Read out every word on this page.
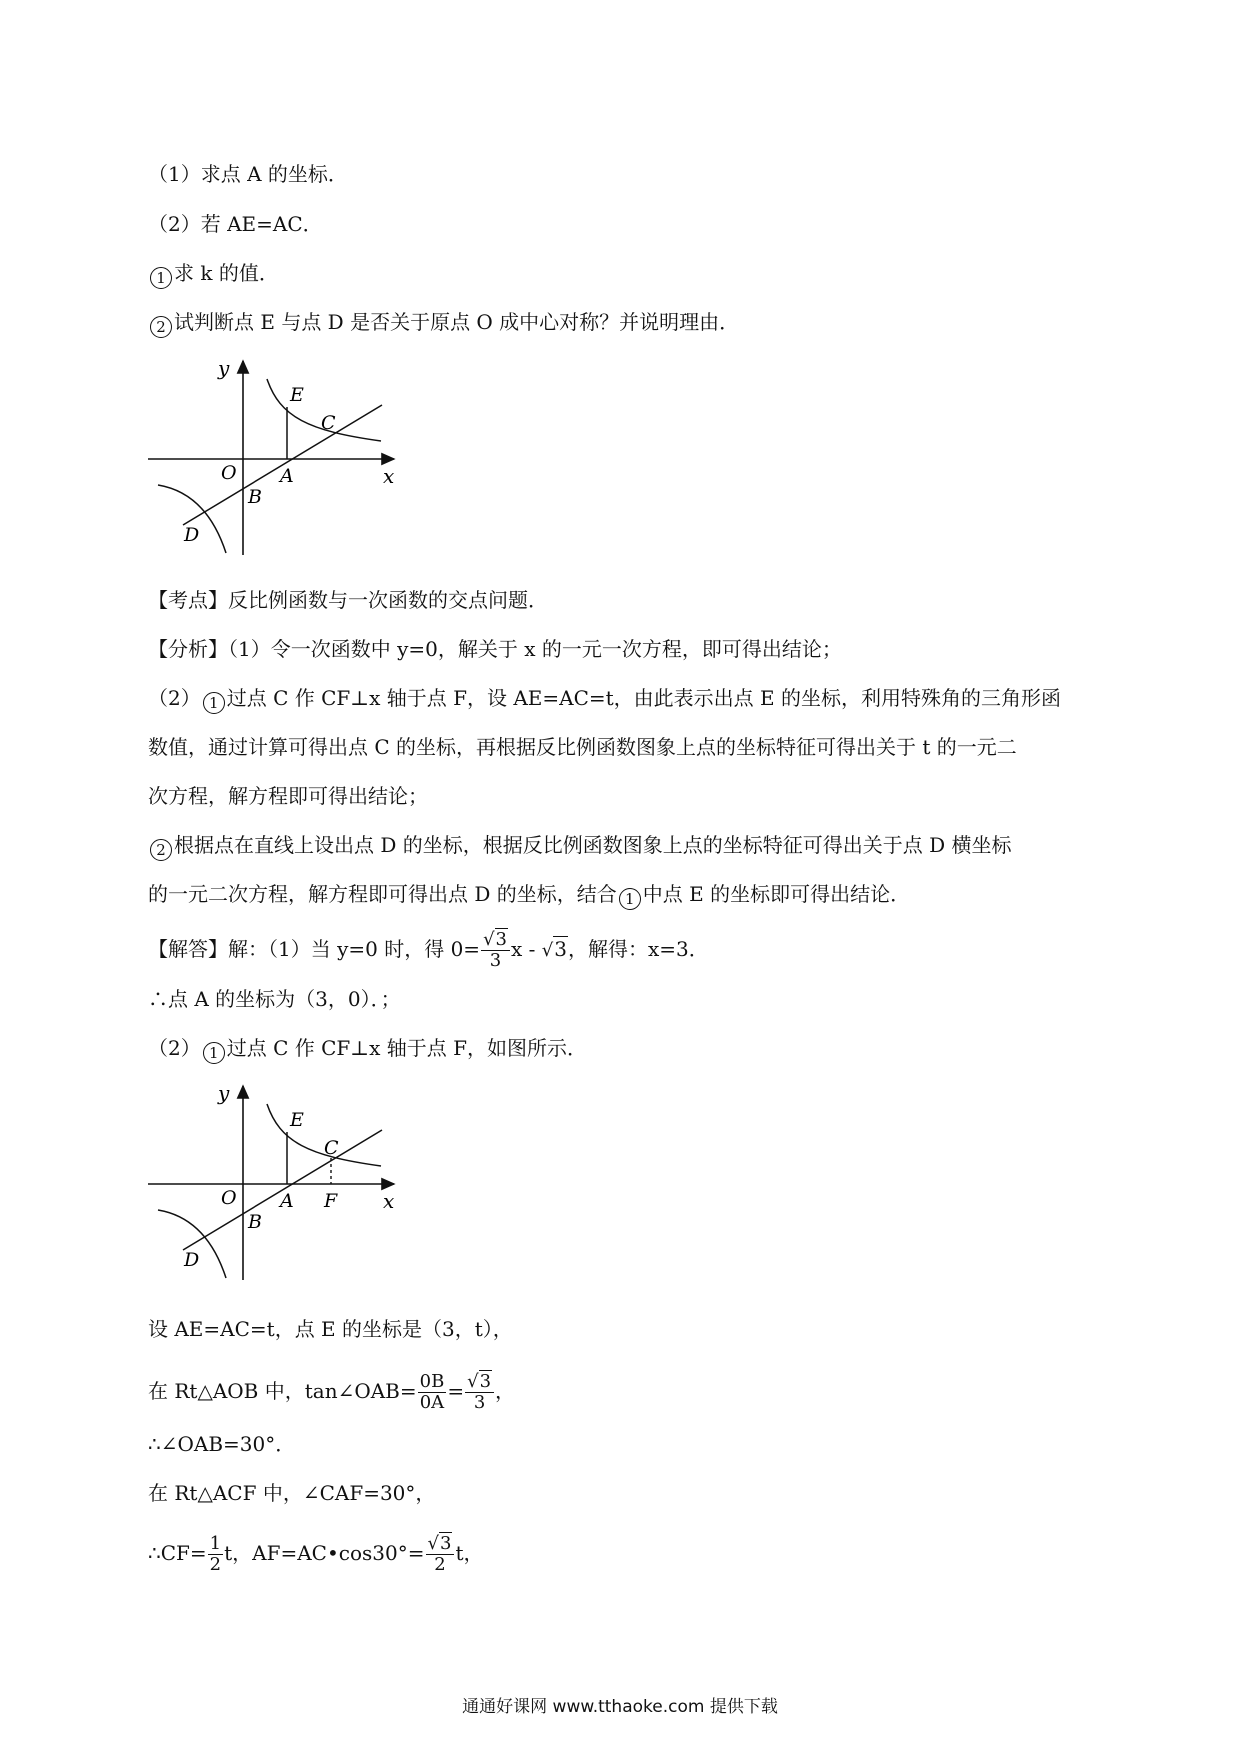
（1）求点 A 的坐标．
（2）若 AE=AC．
1 求 k 的值．
2 试判断点 E 与点 D 是否关于原点 O 成中心对称？并说明理由．
y
x
O A
B
C
D
E
【考点】反比例函数与一次函数的交点问题．
【分析】（1）令一次函数中 y=0，解关于 x 的一元一次方程，即可得出结论；
（2） 1 过点 C 作 CF⊥x 轴于点 F，设 AE=AC=t，由此表示出点 E 的坐标，利用特殊角的三角形函
数值，通过计算可得出点 C 的坐标，再根据反比例函数图象上点的坐标特征可得出关于 t 的一元二
次方程，解方程即可得出结论；
2 根据点在直线上设出点 D 的坐标，根据反比例函数图象上点的坐标特征可得出关于点 D 横坐标
的一元二次方程，解方程即可得出点 D 的坐标，结合 1 中点 E 的坐标即可得出结论．
【解答】解：（1）当 y=0 时，得 $0= \frac{√3}{3}$ x - √3，解得：x=3．
∴点 A 的坐标为（3，0）．；
（2） 1 过点 C 作 CF⊥x 轴于点 F，如图所示．
y
x
O A F
B
C
D
E
设 AE=AC=t，点 E 的坐标是（3，t），
在 Rt△AOB 中，tan∠OAB= $\frac{0B}{0A} = \frac{√3}{3}$ ，
∴∠OAB=30°．
在 Rt△ACF 中，∠CAF=30°，
∴CF= $\frac{1}{2}$ t，AF=AC•cos30°= $\frac{√3}{2}$ t，
通通好课网 www.tthaoke.com 提供下载
